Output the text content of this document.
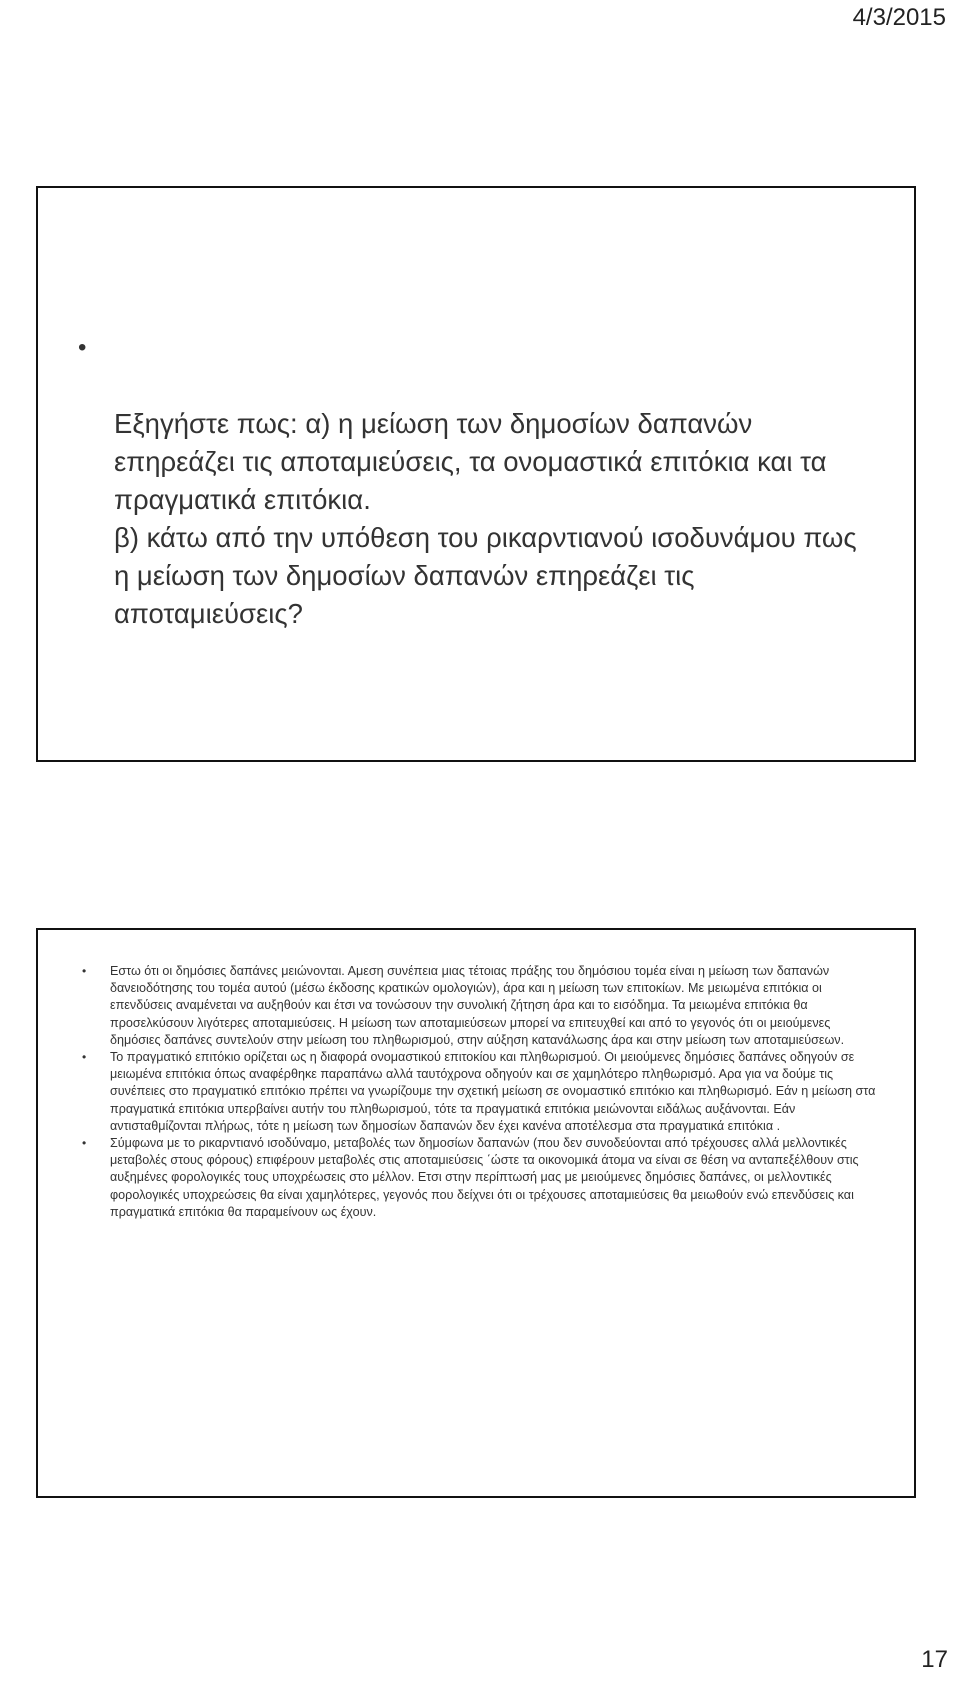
4/3/2015

•

Εξηγήστε πως: α) η μείωση των δημοσίων δαπανών επηρεάζει τις αποταμιεύσεις, τα ονομαστικά επιτόκια και τα πραγματικά επιτόκια.
β) κάτω από την υπόθεση του ρικαρντιανού ισοδυνάμου πως η μείωση των δημοσίων δαπανών επηρεάζει τις αποταμιεύσεις?

• Εστω ότι οι δημόσιες δαπάνες μειώνονται. Αμεση συνέπεια μιας τέτοιας πράξης του δημόσιου τομέα είναι η μείωση των δαπανών δανειοδότησης του τομέα αυτού (μέσω έκδοσης κρατικών ομολογιών), άρα και η μείωση των επιτοκίων. Με μειωμένα επιτόκια οι επενδύσεις αναμένεται να αυξηθούν και έτσι να τονώσουν την συνολική ζήτηση άρα και το εισόδημα. Τα μειωμένα επιτόκια θα προσελκύσουν λιγότερες αποταμιεύσεις. Η μείωση των αποταμιεύσεων μπορεί να επιτευχθεί και από το γεγονός ότι οι μειούμενες δημόσιες δαπάνες συντελούν στην μείωση του πληθωρισμού, στην αύξηση κατανάλωσης άρα και στην μείωση των αποταμιεύσεων.
• Το πραγματικό επιτόκιο ορίζεται ως η διαφορά ονομαστικού επιτοκίου και πληθωρισμού. Οι μειούμενες δημόσιες δαπάνες οδηγούν σε μειωμένα επιτόκια όπως αναφέρθηκε παραπάνω αλλά ταυτόχρονα οδηγούν και σε χαμηλότερο πληθωρισμό. Αρα για να δούμε τις συνέπειες στο πραγματικό επιτόκιο πρέπει να γνωρίζουμε την σχετική μείωση σε ονομαστικό επιτόκιο και πληθωρισμό. Εάν η μείωση στα πραγματικά επιτόκια υπερβαίνει αυτήν του πληθωρισμού, τότε τα πραγματικά επιτόκια μειώνονται ειδάλως αυξάνονται. Εάν αντισταθμίζονται πλήρως, τότε η μείωση των δημοσίων δαπανών δεν έχει κανένα αποτέλεσμα στα πραγματικά επιτόκια .
• Σύμφωνα με το ρικαρντιανό ισοδύναμο, μεταβολές των δημοσίων δαπανών (που δεν συνοδεύονται από τρέχουσες αλλά μελλοντικές μεταβολές στους φόρους) επιφέρουν μεταβολές στις αποταμιεύσεις ΄ώστε τα οικονομικά άτομα να είναι σε θέση να ανταπεξέλθουν στις αυξημένες φορολογικές τους υποχρέωσεις στο μέλλον. Ετσι στην περίπτωσή μας με μειούμενες δημόσιες δαπάνες, οι μελλοντικές φορολογικές υποχρεώσεις θα είναι χαμηλότερες, γεγονός που δείχνει ότι οι τρέχουσες αποταμιεύσεις θα μειωθούν ενώ επενδύσεις και πραγματικά επιτόκια θα παραμείνουν ως έχουν.
17
